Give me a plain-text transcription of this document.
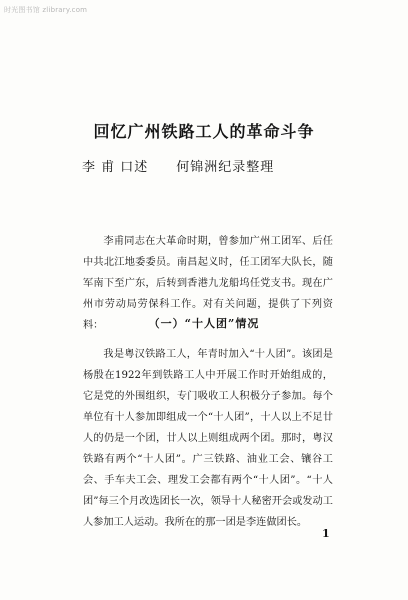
时光图书馆 zlibrary.com
回忆广州铁路工人的革命斗争
李 甫 口述 何锦洲纪录整理

李甫同志在大革命时期，曾参加广州工团军、后任中共北江地委委员。南昌起义时，任工团军大队长，随军南下至广东，后转到香港九龙船坞任党支书。现在广州市劳动局劳保科工作。对有关问题，提供了下列资料：	（一）“十人团”情况

我是粤汉铁路工人，年青时加入“十人团”。该团是杨殷在1922年到铁路工人中开展工作时开始组成的，它是党的外围组织，专门吸收工人积极分子参加。每个单位有十人参加即组成一个“十人团”，十人以上不足廿人的仍是一个团，廿人以上则组成两个团。那时，粤汉铁路有两个“十人团”。广三铁路、油业工会、镶谷工会、手车夫工会、理发工会都有两个“十人团”。“十人团”每三个月改选团长一次，领导十人秘密开会或发动工人参加工人运动。我所在的那一团是李连做团长。

1
